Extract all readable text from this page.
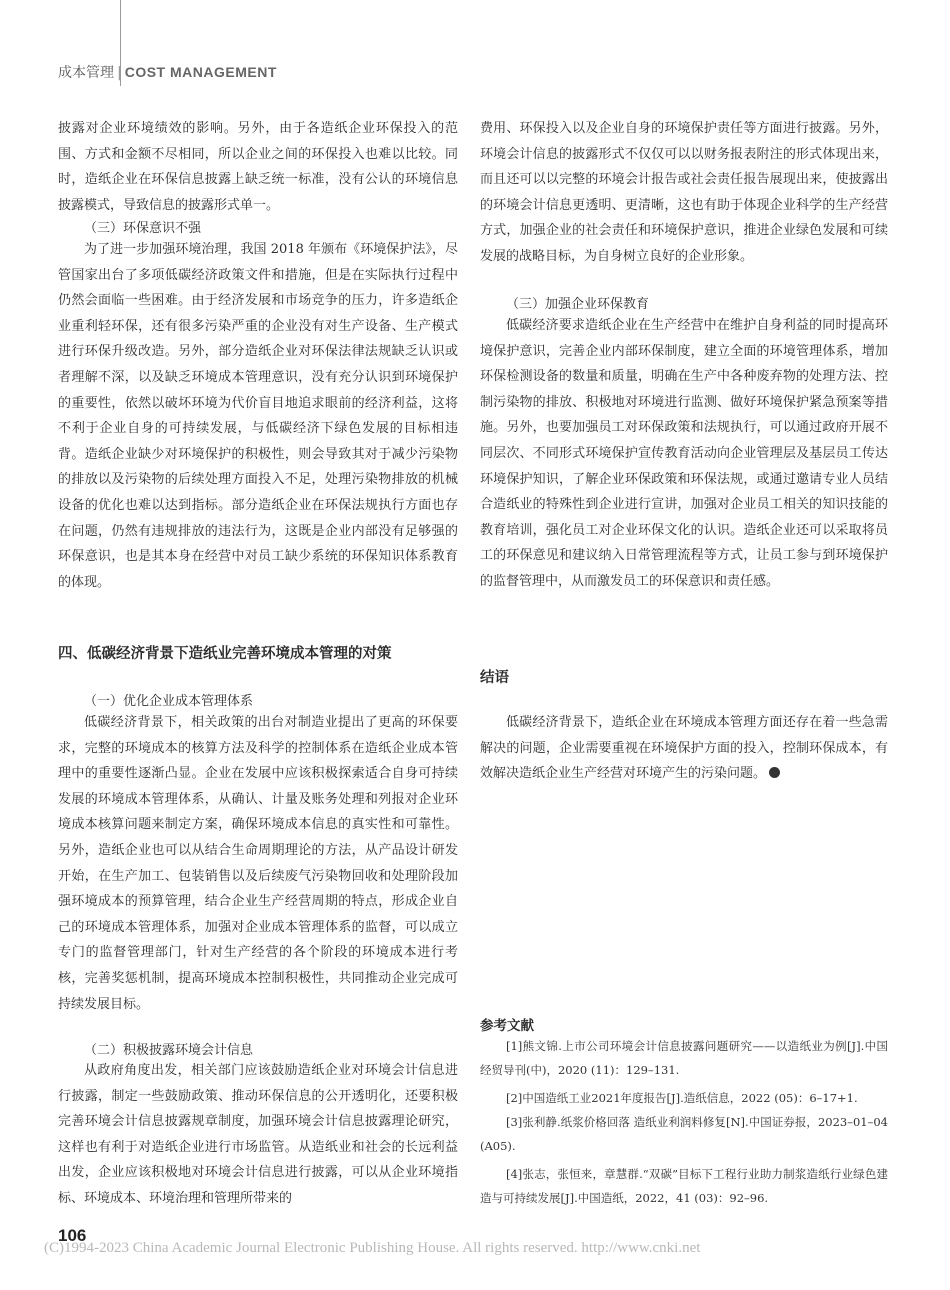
成本管理 | COST MANAGEMENT

披露对企业环境绩效的影响。另外，由于各造纸企业环保投入的范围、方式和金额不尽相同，所以企业之间的环保投入也难以比较。同时，造纸企业在环保信息披露上缺乏统一标准，没有公认的环境信息披露模式，导致信息的披露形式单一。

（三）环保意识不强

为了进一步加强环境治理，我国 2018 年颁布《环境保护法》，尽管国家出台了多项低碳经济政策文件和措施，但是在实际执行过程中仍然会面临一些困难。由于经济发展和市场竞争的压力，许多造纸企业重利轻环保，还有很多污染严重的企业没有对生产设备、生产模式进行环保升级改造。另外，部分造纸企业对环保法律法规缺乏认识或者理解不深，以及缺乏环境成本管理意识，没有充分认识到环境保护的重要性，依然以破坏环境为代价盲目地追求眼前的经济利益，这将不利于企业自身的可持续发展，与低碳经济下绿色发展的目标相违背。造纸企业缺少对环境保护的积极性，则会导致其对于减少污染物的排放以及污染物的后续处理方面投入不足，处理污染物排放的机械设备的优化也难以达到指标。部分造纸企业在环保法规执行方面也存在问题，仍然有违规排放的违法行为，这既是企业内部没有足够强的环保意识，也是其本身在经营中对员工缺少系统的环保知识体系教育的体现。

四、低碳经济背景下造纸业完善环境成本管理的对策
（一）优化企业成本管理体系

低碳经济背景下，相关政策的出台对制造业提出了更高的环保要求，完整的环境成本的核算方法及科学的控制体系在造纸企业成本管理中的重要性逐渐凸显。企业在发展中应该积极探索适合自身可持续发展的环境成本管理体系，从确认、计量及账务处理和列报对企业环境成本核算问题来制定方案，确保环境成本信息的真实性和可靠性。另外，造纸企业也可以从结合生命周期理论的方法，从产品设计研发开始，在生产加工、包装销售以及后续废气污染物回收和处理阶段加强环境成本的预算管理，结合企业生产经营周期的特点，形成企业自己的环境成本管理体系，加强对企业成本管理体系的监督，可以成立专门的监督管理部门，针对生产经营的各个阶段的环境成本进行考核，完善奖惩机制，提高环境成本控制积极性，共同推动企业完成可持续发展目标。

（二）积极披露环境会计信息

从政府角度出发，相关部门应该鼓励造纸企业对环境会计信息进行披露，制定一些鼓励政策、推动环保信息的公开透明化，还要积极完善环境会计信息披露规章制度，加强环境会计信息披露理论研究，这样也有利于对造纸企业进行市场监管。从造纸业和社会的长远利益出发，企业应该积极地对环境会计信息进行披露，可以从企业环境指标、环境成本、环境治理和管理所带来的

费用、环保投入以及企业自身的环境保护责任等方面进行披露。另外，环境会计信息的披露形式不仅仅可以以财务报表附注的形式体现出来，而且还可以以完整的环境会计报告或社会责任报告展现出来，使披露出的环境会计信息更透明、更清晰，这也有助于体现企业科学的生产经营方式，加强企业的社会责任和环境保护意识，推进企业绿色发展和可续发展的战略目标，为自身树立良好的企业形象。

（三）加强企业环保教育

低碳经济要求造纸企业在生产经营中在维护自身利益的同时提高环境保护意识，完善企业内部环保制度，建立全面的环境管理体系，增加环保检测设备的数量和质量，明确在生产中各种废弃物的处理方法、控制污染物的排放、积极地对环境进行监测、做好环境保护紧急预案等措施。另外，也要加强员工对环保政策和法规执行，可以通过政府开展不同层次、不同形式环境保护宣传教育活动向企业管理层及基层员工传达环境保护知识，了解企业环保政策和环保法规，或通过邀请专业人员结合造纸业的特殊性到企业进行宣讲，加强对企业员工相关的知识技能的教育培训，强化员工对企业环保文化的认识。造纸企业还可以采取将员工的环保意见和建议纳入日常管理流程等方式，让员工参与到环境保护的监督管理中，从而激发员工的环保意识和责任感。

结语

低碳经济背景下，造纸企业在环境成本管理方面还存在着一些急需解决的问题，企业需要重视在环境保护方面的投入，控制环保成本，有效解决造纸企业生产经营对环境产生的污染问题。

参考文献
[1]熊文锦.上市公司环境会计信息披露问题研究——以造纸业为例[J].中国经贸导刊(中)，2020 (11)：129–131.
[2]中国造纸工业2021年度报告[J].造纸信息，2022 (05)：6–17+1.
[3]张利静.纸浆价格回落 造纸业利润料修复[N].中国证券报，2023–01–04 (A05).
[4]张志，张恒来，章慧群.“双碳”目标下工程行业助力制浆造纸行业绿色建造与可持续发展[J].中国造纸，2022，41 (03)：92–96.
106
(C)1994-2023 China Academic Journal Electronic Publishing House. All rights reserved. http://www.cnki.net
